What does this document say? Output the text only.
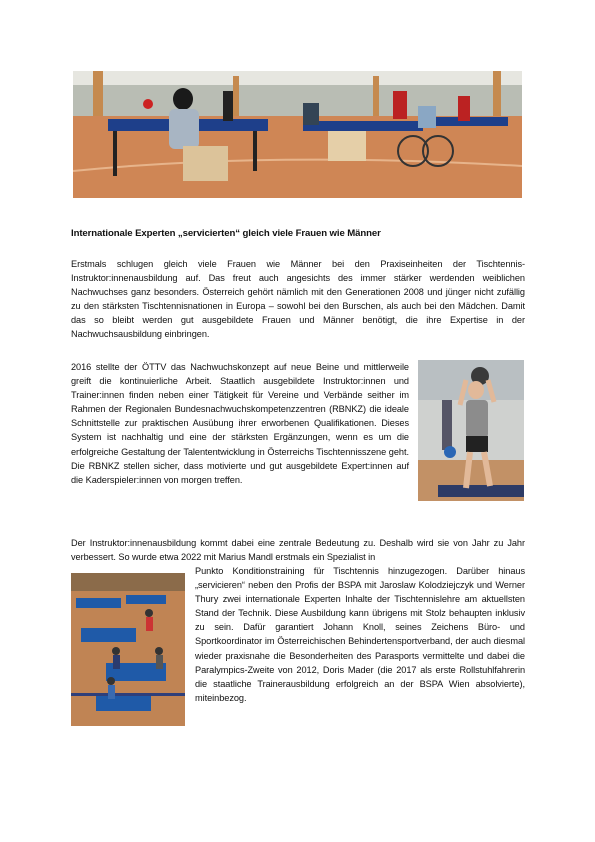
Internationale Experten „servicierten“ gleich viele Frauen wie Männer
Erstmals schlugen gleich viele Frauen wie Männer bei den Praxiseinheiten der Tischtennis-Instruktor:innenausbildung auf. Das freut auch angesichts des immer stärker werdenden weiblichen Nachwuchses ganz besonders. Österreich gehört nämlich mit den Generationen 2008 und jünger nicht zufällig zu den stärksten Tischtennisnationen in Europa – sowohl bei den Burschen, als auch bei den Mädchen. Damit das so bleibt werden gut ausgebildete Frauen und Männer benötigt, die ihre Expertise in der Nachwuchsausbildung einbringen.
2016 stellte der ÖTTV das Nachwuchskonzept auf neue Beine und mittlerweile greift die kontinuierliche Arbeit. Staatlich ausgebildete Instruktor:innen und Trainer:innen finden neben einer Tätigkeit für Vereine und Verbände seither im Rahmen der Regionalen Bundesnachwuchskompetenzzentren (RBNKZ) die ideale Schnittstelle zur praktischen Ausübung ihrer erworbenen Qualifikationen. Dieses System ist nachhaltig und eine der stärksten Ergänzungen, wenn es um die erfolgreiche Gestaltung der Talententwicklung in Österreichs Tischtennisszene geht. Die RBNKZ stellen sicher, dass motivierte und gut ausgebildete Expert:innen auf die Kaderspieler:innen von morgen treffen.
Der Instruktor:innenausbildung kommt dabei eine zentrale Bedeutung zu. Deshalb wird sie von Jahr zu Jahr verbessert. So wurde etwa 2022 mit Marius Mandl erstmals ein Spezialist in
Punkto Konditionstraining für Tischtennis hinzugezogen. Darüber hinaus „servicieren“ neben den Profis der BSPA mit Jaroslaw Kolodziejczyk und Werner Thury zwei internationale Experten Inhalte der Tischtennislehre am aktuellsten Stand der Technik. Diese Ausbildung kann übrigens mit Stolz behaupten inklusiv zu sein. Dafür garantiert Johann Knoll, seines Zeichens Büro- und Sportkoordinator im Österreichischen Behindertensportverband, der auch diesmal wieder praxisnahe die Besonderheiten des Parasports vermittelte und dabei die Paralympics-Zweite von 2012, Doris Mader (die 2017 als erste Rollstuhlfahrerin die staatliche Trainerausbildung erfolgreich an der BSPA Wien absolvierte), miteinbezog.
